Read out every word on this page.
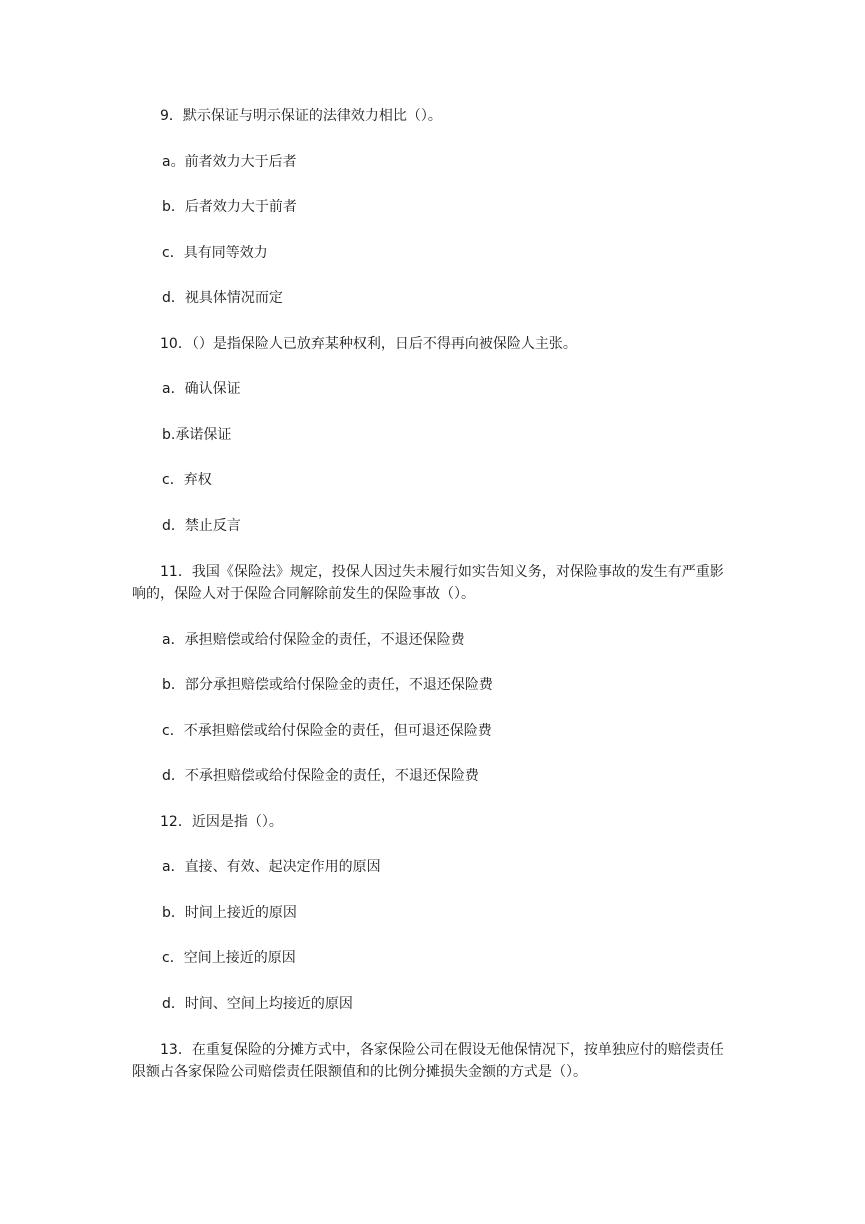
9．默示保证与明示保证的法律效力相比（）。
a。前者效力大于后者
b．后者效力大于前者
c．具有同等效力
d．视具体情况而定
10．（）是指保险人已放弃某种权利，日后不得再向被保险人主张。
a．确认保证
b.承诺保证
c．弃权
d．禁止反言
11．我国《保险法》规定，投保人因过失未履行如实告知义务，对保险事故的发生有严重影响的，保险人对于保险合同解除前发生的保险事故（）。
a．承担赔偿或给付保险金的责任，不退还保险费
b．部分承担赔偿或给付保险金的责任，不退还保险费
c．不承担赔偿或给付保险金的责任，但可退还保险费
d．不承担赔偿或给付保险金的责任，不退还保险费
12．近因是指（）。
a．直接、有效、起决定作用的原因
b．时间上接近的原因
c．空间上接近的原因
d．时间、空间上均接近的原因
13．在重复保险的分摊方式中，各家保险公司在假设无他保情况下，按单独应付的赔偿责任限额占各家保险公司赔偿责任限额值和的比例分摊损失金额的方式是（）。
